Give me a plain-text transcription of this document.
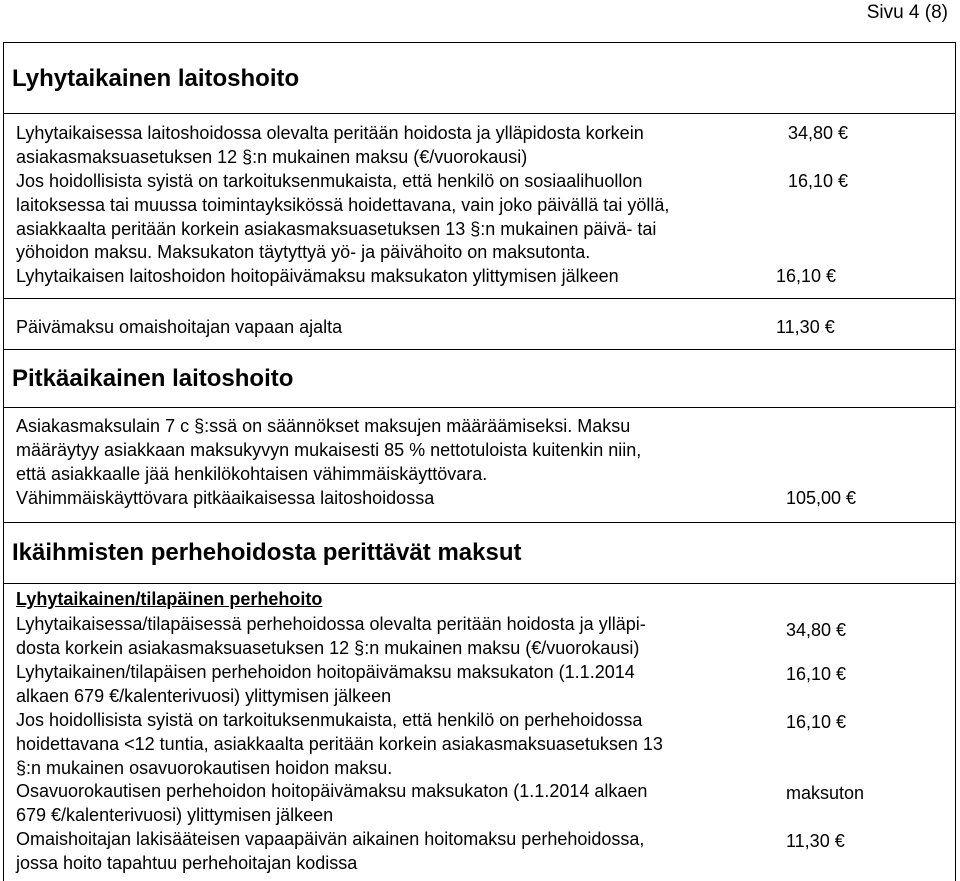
Sivu 4 (8)
Lyhytaikainen laitoshoito
Lyhytaikaisessa laitoshoidossa olevalta peritään hoidosta ja ylläpidosta korkein
asiakasmaksuasetuksen 12 §:n mukainen maksu (€/vuorokausi)
34,80 €
Jos hoidollisista syistä on tarkoituksenmukaista, että henkilö on sosiaalihuollon
laitoksessa tai muussa toimintayksikössä hoidettavana, vain joko päivällä tai yöllä,
asiakkaalta peritään korkein asiakasmaksuasetuksen 13 §:n mukainen päivä- tai
yöhoidon maksu. Maksukaton täytyttyä yö- ja päivähoito on maksutonta.
16,10 €
Lyhytaikaisen laitoshoidon hoitopäivämaksu maksukaton ylittymisen jälkeen	16,10 €
Päivämaksu omaishoitajan vapaan ajalta	11,30 €
Pitkäaikainen laitoshoito
Asiakasmaksulain 7 c §:ssä on säännökset maksujen määräämiseksi. Maksu
määräytyy asiakkaan maksukyvyn mukaisesti 85 % nettotuloista kuitenkin niin,
että asiakkaalle jää henkilökohtaisen vähimmäiskäyttövara.
Vähimmäiskäyttövara pitkäaikaisessa laitoshoidossa	105,00 €
Ikäihmisten perhehoidosta perittävät maksut
Lyhytaikainen/tilapäinen perhehoito
Lyhytaikaisessa/tilapäisessä perhehoidossa olevalta peritään hoidosta ja ylläpi-
dosta korkein asiakasmaksuasetuksen 12 §:n mukainen maksu (€/vuorokausi)
34,80 €
Lyhytaikainen/tilapäisen perhehoidon hoitopäivämaksu maksukaton (1.1.2014
alkaen 679 €/kalenterivuosi) ylittymisen jälkeen
16,10 €
Jos hoidollisista syistä on tarkoituksenmukaista, että henkilö on perhehoidossa
hoidettavana <12 tuntia, asiakkaalta peritään korkein asiakasmaksuasetuksen 13
§:n mukainen osavuorokautisen hoidon maksu.
16,10 €
Osavuorokautisen perhehoidon hoitopäivämaksu maksukaton (1.1.2014 alkaen
679 €/kalenterivuosi) ylittymisen jälkeen
maksuton
Omaishoitajan lakisääteisen vapaapäivän aikainen hoitomaksu perhehoidossa,
jossa hoito tapahtuu perhehoitajan kodissa
11,30 €
